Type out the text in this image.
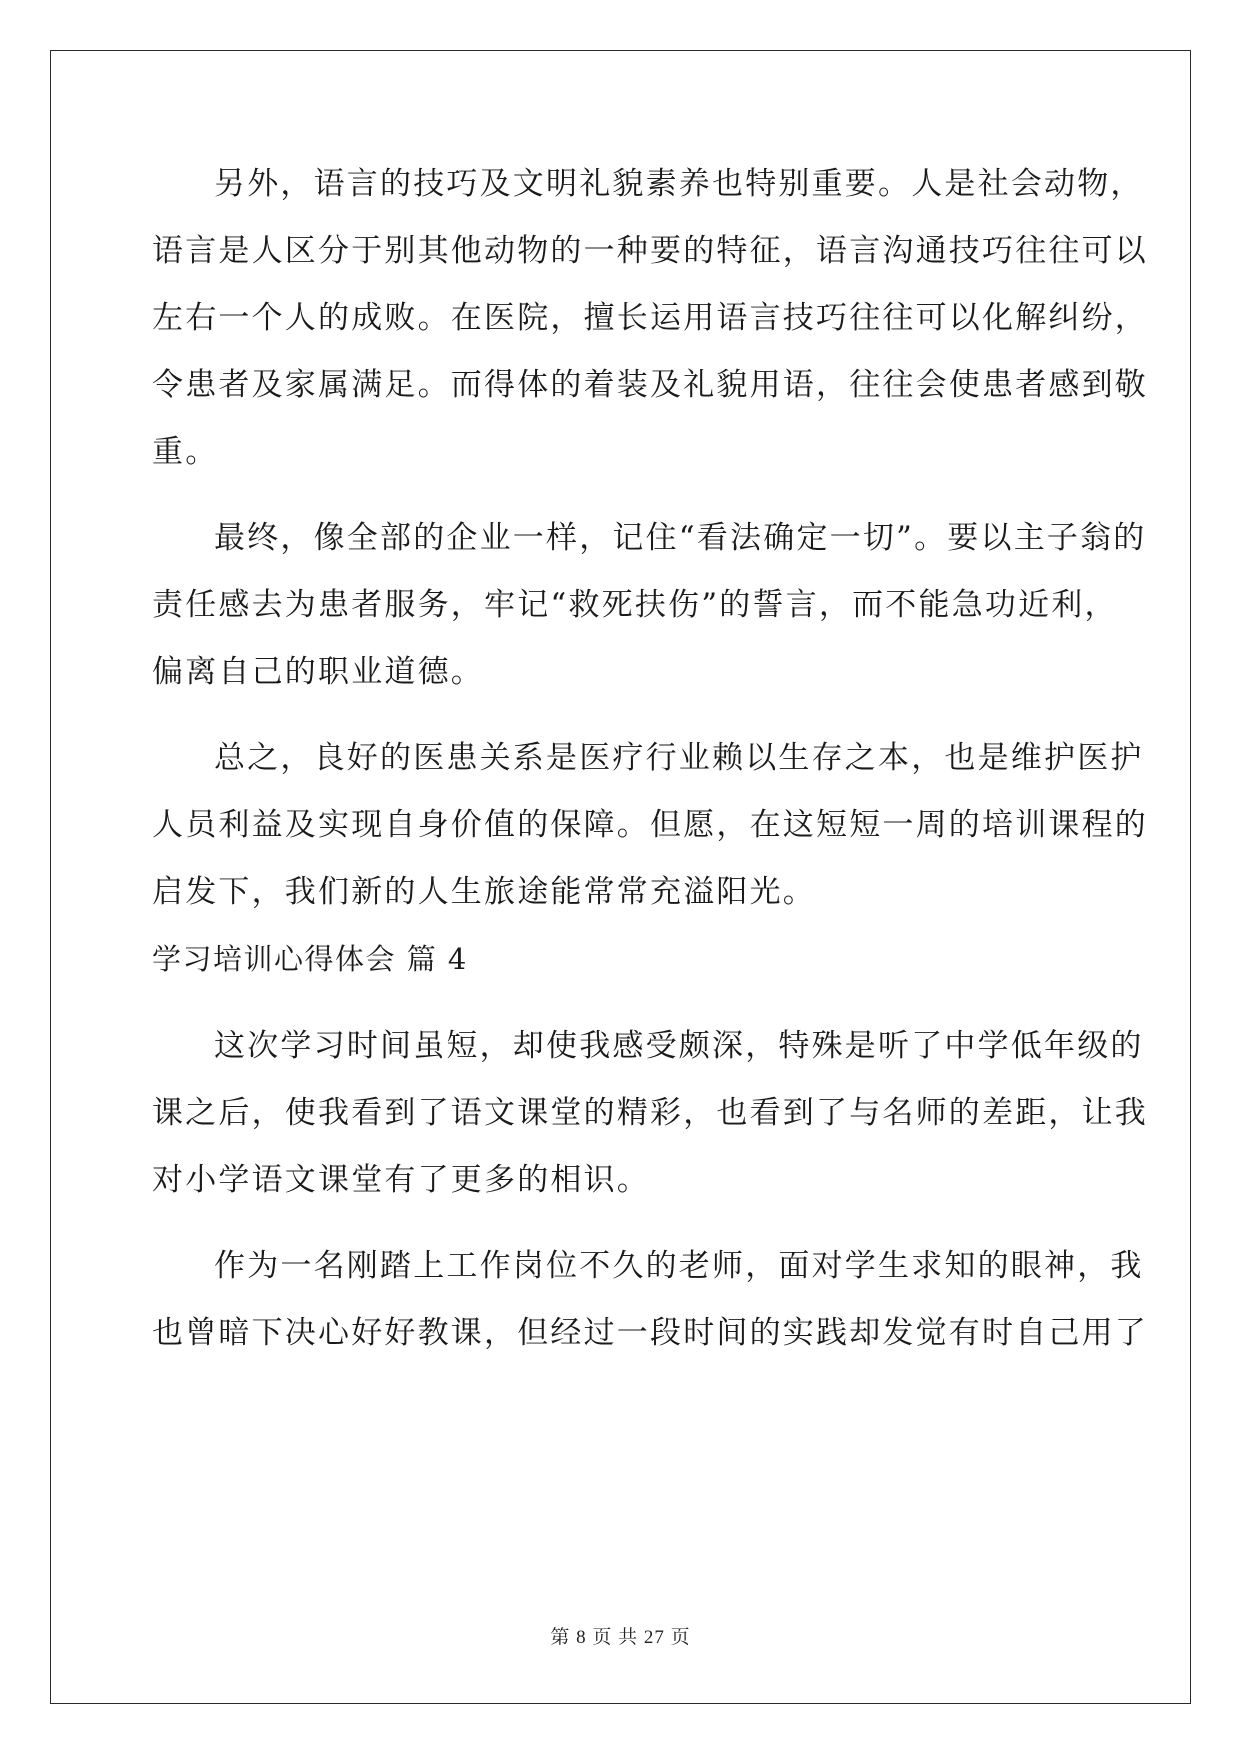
另外，语言的技巧及文明礼貌素养也特别重要。人是社会动物，
语言是人区分于别其他动物的一种要的特征，语言沟通技巧往往可以
左右一个人的成败。在医院，擅长运用语言技巧往往可以化解纠纷，
令患者及家属满足。而得体的着装及礼貌用语，往往会使患者感到敬
重。
最终，像全部的企业一样，记住“看法确定一切”。要以主子翁的
责任感去为患者服务，牢记“救死扶伤”的誓言，而不能急功近利，
偏离自己的职业道德。
总之，良好的医患关系是医疗行业赖以生存之本，也是维护医护
人员利益及实现自身价值的保障。但愿，在这短短一周的培训课程的
启发下，我们新的人生旅途能常常充溢阳光。
学习培训心得体会 篇 4
这次学习时间虽短，却使我感受颇深，特殊是听了中学低年级的
课之后，使我看到了语文课堂的精彩，也看到了与名师的差距，让我
对小学语文课堂有了更多的相识。
作为一名刚踏上工作岗位不久的老师，面对学生求知的眼神，我
也曾暗下决心好好教课，但经过一段时间的实践却发觉有时自己用了
第 8 页 共 27 页
